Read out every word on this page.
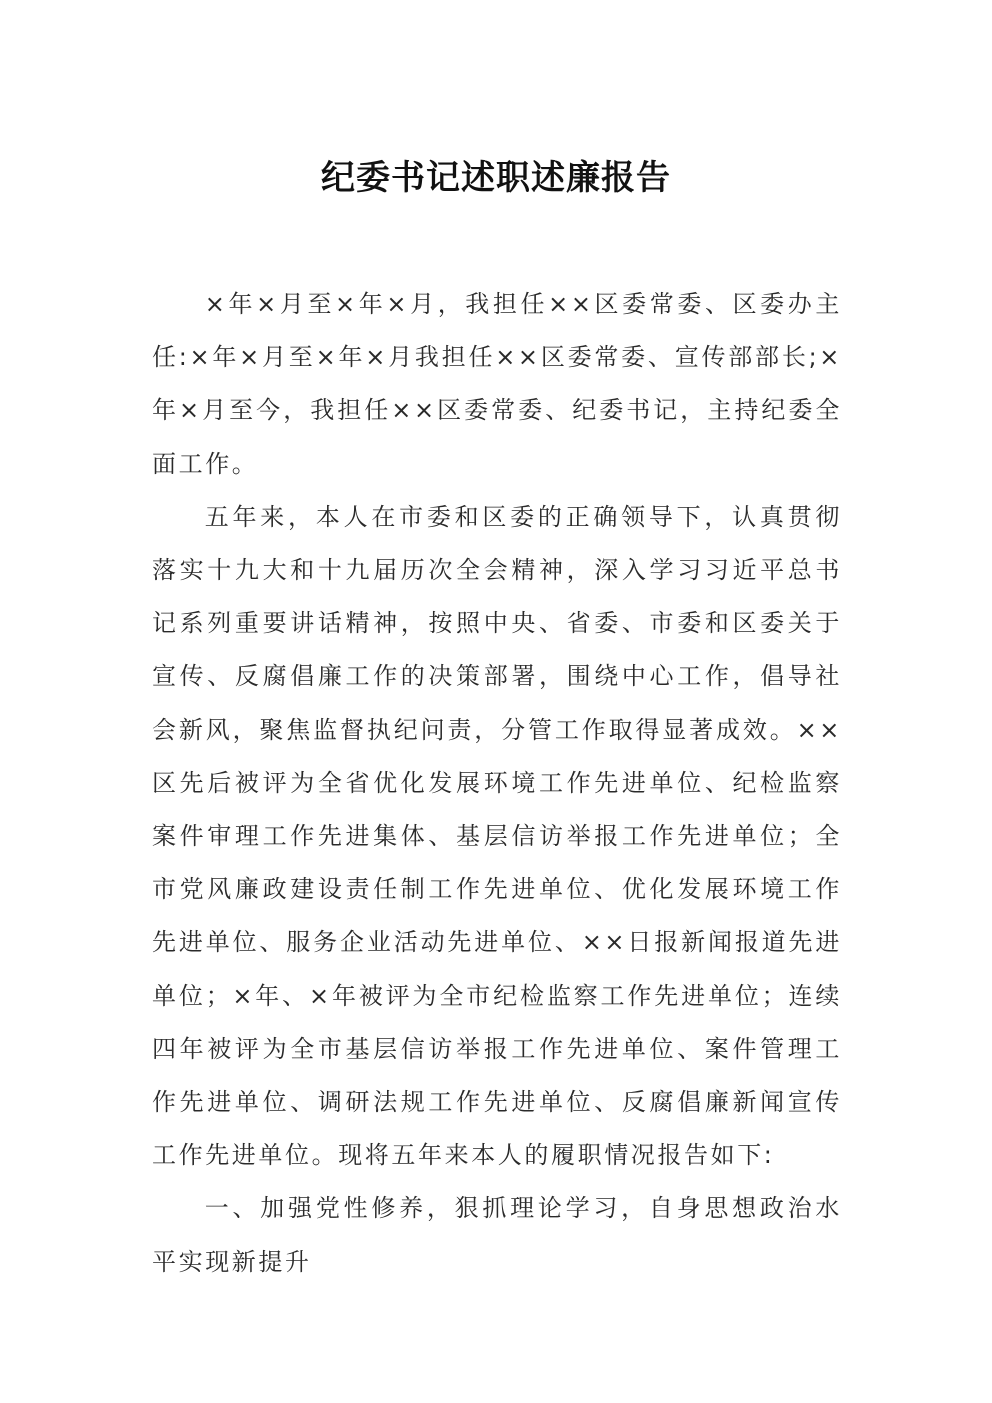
纪委书记述职述廉报告

×年×月至×年×月，我担任××区委常委、区委办主任:×年×月至×年×月我担任××区委常委、宣传部部长;×年×月至今，我担任××区委常委、纪委书记，主持纪委全面工作。

五年来，本人在市委和区委的正确领导下，认真贯彻落实十九大和十九届历次全会精神，深入学习习近平总书记系列重要讲话精神，按照中央、省委、市委和区委关于宣传、反腐倡廉工作的决策部署，围绕中心工作，倡导社会新风，聚焦监督执纪问责，分管工作取得显著成效。××区先后被评为全省优化发展环境工作先进单位、纪检监察案件审理工作先进集体、基层信访举报工作先进单位；全市党风廉政建设责任制工作先进单位、优化发展环境工作先进单位、服务企业活动先进单位、××日报新闻报道先进单位；×年、×年被评为全市纪检监察工作先进单位；连续四年被评为全市基层信访举报工作先进单位、案件管理工作先进单位、调研法规工作先进单位、反腐倡廉新闻宣传工作先进单位。现将五年来本人的履职情况报告如下:

一、加强党性修养，狠抓理论学习，自身思想政治水平实现新提升
